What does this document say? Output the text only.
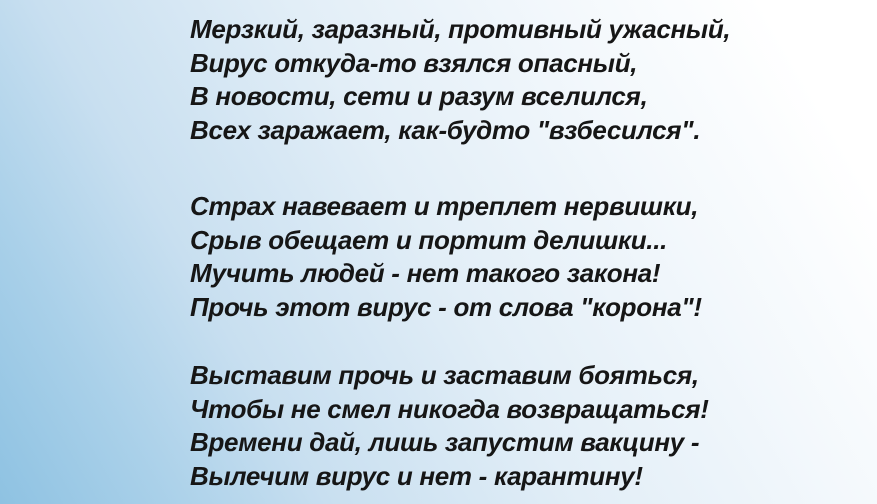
Мерзкий, заразный, противный ужасный,

Вирус откуда-то взялся опасный,

В новости, сети и разум вселился,

Всех заражает, как-будто "взбесился".

Страх навевает и треплет нервишки,

Срыв обещает и портит делишки...

Мучить людей - нет такого закона!

Прочь этот вирус - от слова "корона"!

Выставим прочь и заставим бояться,

Чтобы не смел никогда возвращаться!

Времени дай, лишь запустим вакцину -

Вылечим вирус и нет - карантину!
